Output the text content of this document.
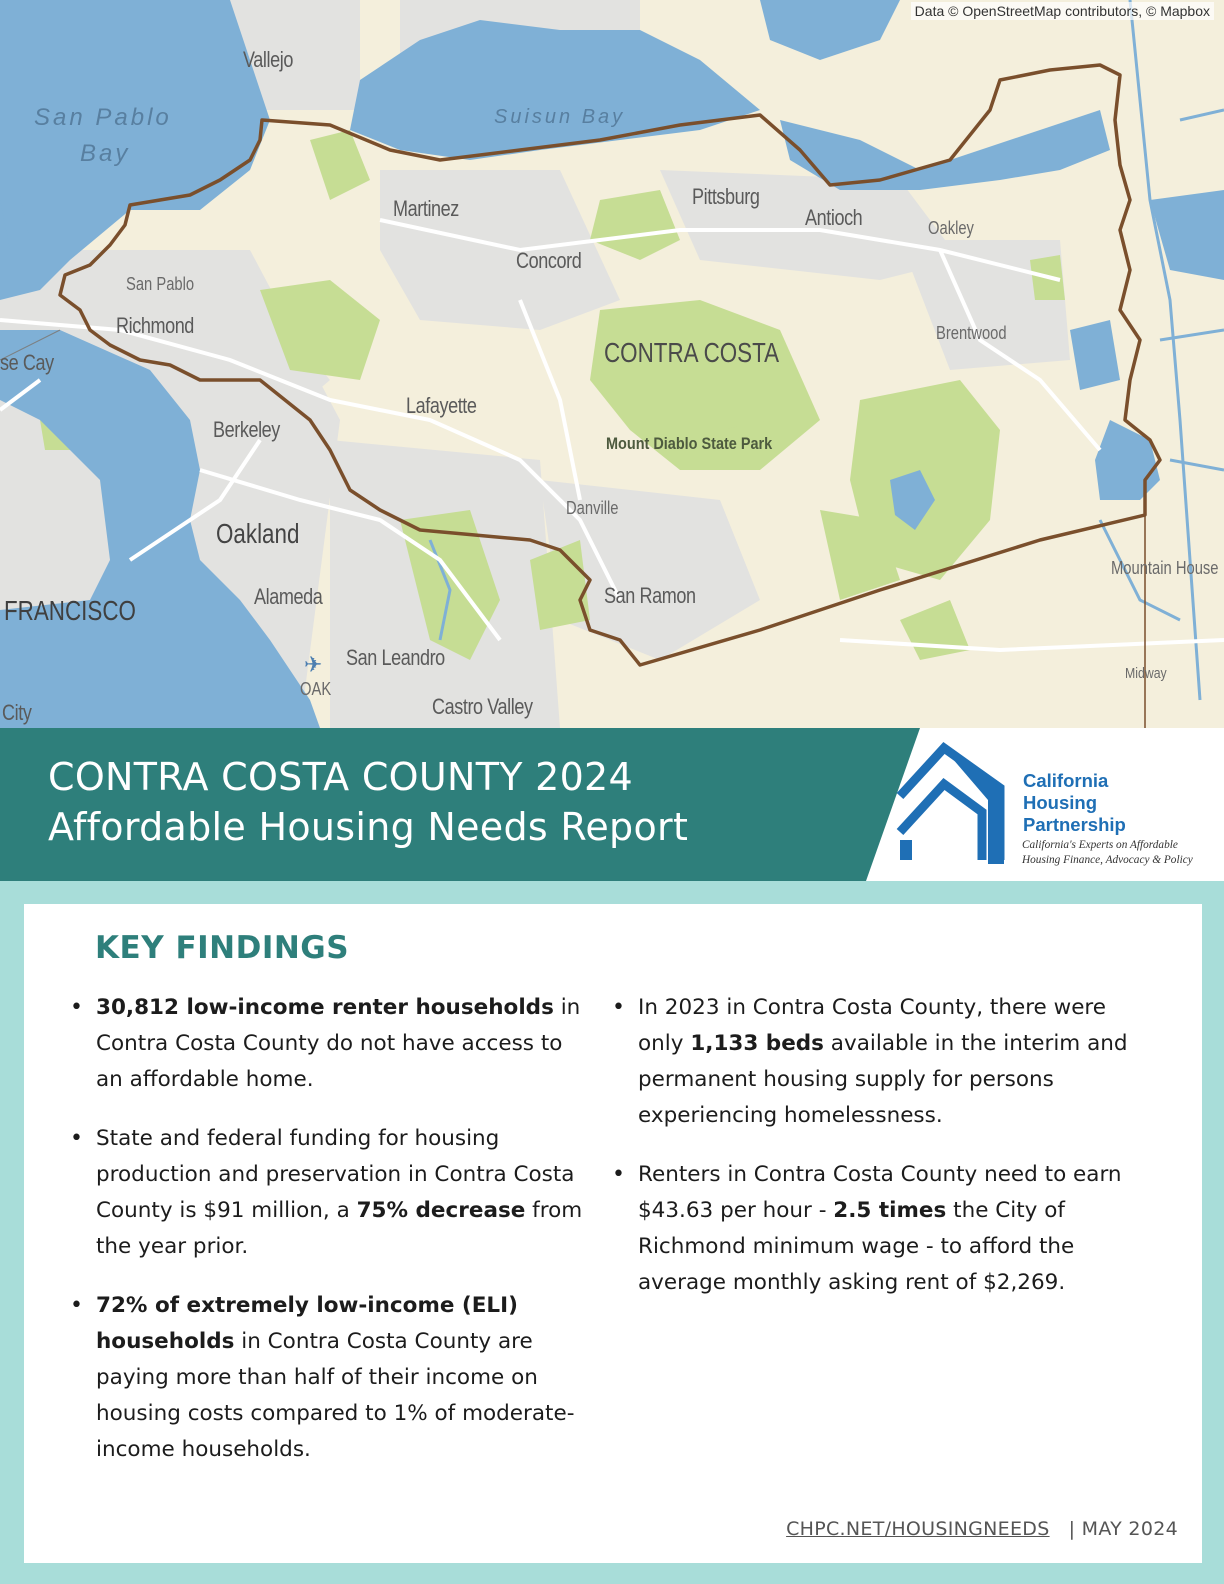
Data © OpenStreetMap contributors, © Mapbox
Vallejo
San Pablo
Bay
Suisun Bay
Martinez	Pittsburg
Antioch	Oakley
Concord
San Pablo
Richmond
CONTRA COSTA
Brentwood
se Cay
Lafayette
Berkeley
Mount Diablo State Park
Danville
Oakland
Alameda	San Ramon
Mountain House
FRANCISCO
San Leandro
✈
OAK
Midway
City	Castro Valley
CONTRA COSTA COUNTY 2024
Affordable Housing Needs Report
California
Housing
Partnership
California's Experts on Affordable
Housing Finance, Advocacy & Policy
KEY FINDINGS
• 30,812 low-income renter households in Contra Costa County do not have access to an affordable home.
• State and federal funding for housing production and preservation in Contra Costa County is $91 million, a 75% decrease from the year prior.
• 72% of extremely low-income (ELI) households in Contra Costa County are paying more than half of their income on housing costs compared to 1% of moderate-income households.
• In 2023 in Contra Costa County, there were only 1,133 beds available in the interim and permanent housing supply for persons experiencing homelessness.
• Renters in Contra Costa County need to earn $43.63 per hour - 2.5 times the City of Richmond minimum wage - to afford the average monthly asking rent of $2,269.
CHPC.NET/HOUSINGNEEDS | MAY 2024
